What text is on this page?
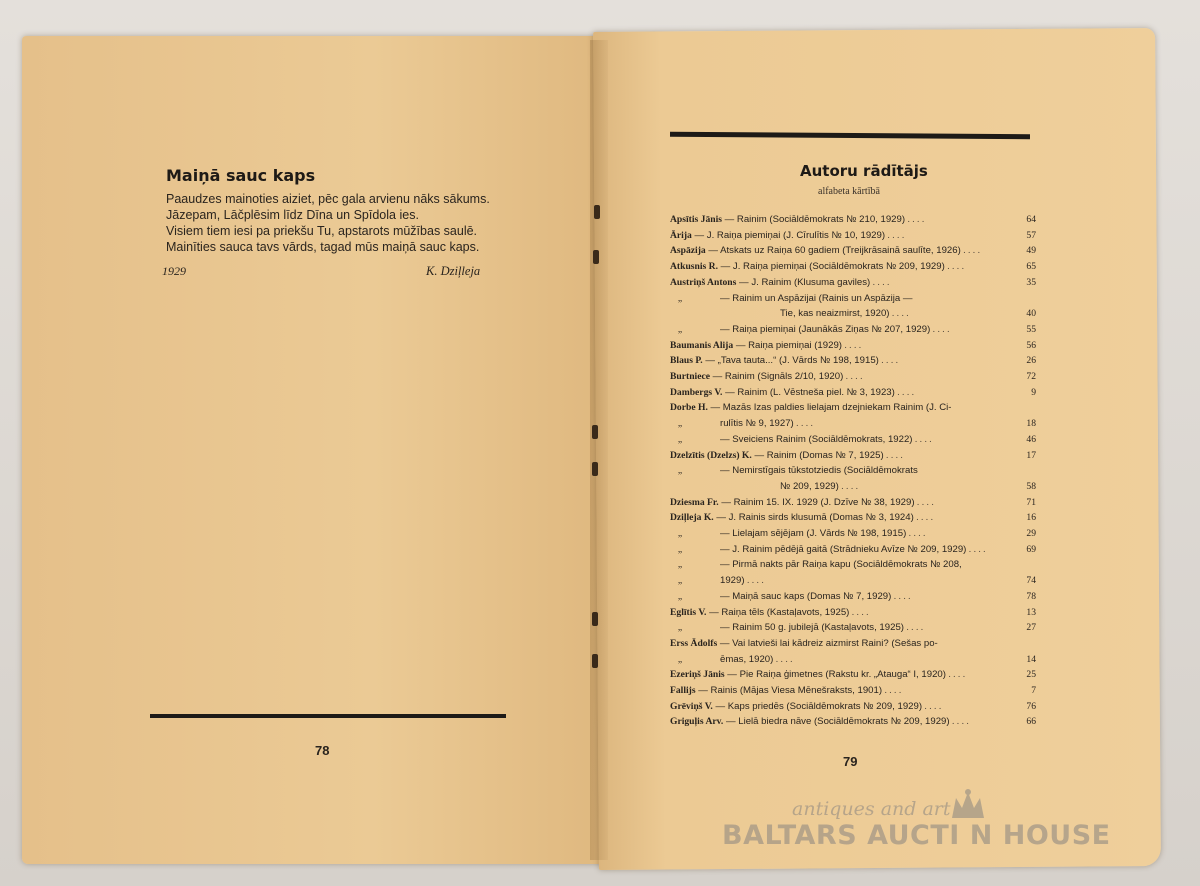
Maiņā sauc kaps
Paaudzes mainoties aiziet, pēc gala arvienu nāks sākums.
Jāzepam, Lāčplēsim līdz Dīna un Spīdola ies.
Visiem tiem iesi pa priekšu Tu, apstarots mūžības saulē.
Mainīties sauca tavs vārds, tagad mūs maiņā sauc kaps.
1929	K. Dziļleja
78
Autoru rādītājs
alfabeta kārtībā
Apsītis Jānis — Rainim (Sociāldēmokrats № 210, 1929) . . . .	64
Ārija — J. Raiņa piemiņai (J. Cīrulītis № 10, 1929) . . . .	57
Aspāzija — Atskats uz Raiņa 60 gadiem (Treijkrāsainā saulīte, 1926) . . . .	49
Atkusnis R. — J. Raiņa piemiņai (Sociāldēmokrats № 209, 1929) . . . .	65
Austriņš Antons — J. Rainim (Klusuma gaviles) . . . .	35
„	— Rainim un Aspāzijai (Rainis un Aspāzija —
Tie, kas neaizmirst, 1920) . . . .	40
„	— Raiņa piemiņai (Jaunākās Ziņas № 207, 1929) . . . .	55
Baumanis Alija — Raiņa piemiņai (1929) . . . .	56
Blaus P. — „Tava tauta...“ (J. Vārds № 198, 1915) . . . .	26
Burtniece — Rainim (Signāls 2/10, 1920) . . . .	72
Dambergs V. — Rainim (L. Vēstneša piel. № 3, 1923) . . . .	9
Dorbe H. — Mazās Izas paldies lielajam dzejniekam Rainim (J. Ci-
„	rulītis № 9, 1927) . . . .	18
„	— Sveiciens Rainim (Sociāldēmokrats, 1922) . . . .	46
Dzelzītis (Dzelzs) K. — Rainim (Domas № 7, 1925) . . . .	17
„	— Nemirstīgais tūkstotziedis (Sociāldēmokrats
№ 209, 1929) . . . .	58
Dziesma Fr. — Rainim 15. IX. 1929 (J. Dzīve № 38, 1929) . . . .	71
Dziļleja K. — J. Rainis sirds klusumā (Domas № 3, 1924) . . . .	16
„	— Lielajam sējējam (J. Vārds № 198, 1915) . . . .	29
„	— J. Rainim pēdējā gaitā (Strādnieku Avīze № 209, 1929) . . . .	69
„	— Pirmā nakts pār Raiņa kapu (Sociāldēmokrats № 208,
„	1929) . . . .	74
„	— Maiņā sauc kaps (Domas № 7, 1929) . . . .	78
Eglītis V. — Raiņa tēls (Kastaļavots, 1925) . . . .	13
„	— Rainim 50 g. jubilejā (Kastaļavots, 1925) . . . .	27
Erss Ādolfs — Vai latvieši lai kādreiz aizmirst Raini? (Sešas po-
„	ēmas, 1920) . . . .	14
Ezeriņš Jānis — Pie Raiņa ģimetnes (Rakstu kr. „Atauga“ I, 1920) . . . .	25
Fallijs — Rainis (Mājas Viesa Mēnešraksts, 1901) . . . .	7
Grēviņš V. — Kaps priedēs (Sociāldēmokrats № 209, 1929) . . . .	76
Griguļis Arv. — Lielā biedra nāve (Sociāldēmokrats № 209, 1929) . . . .	66
79
antiques and art
BALTARS AUCTI N HOUSE
